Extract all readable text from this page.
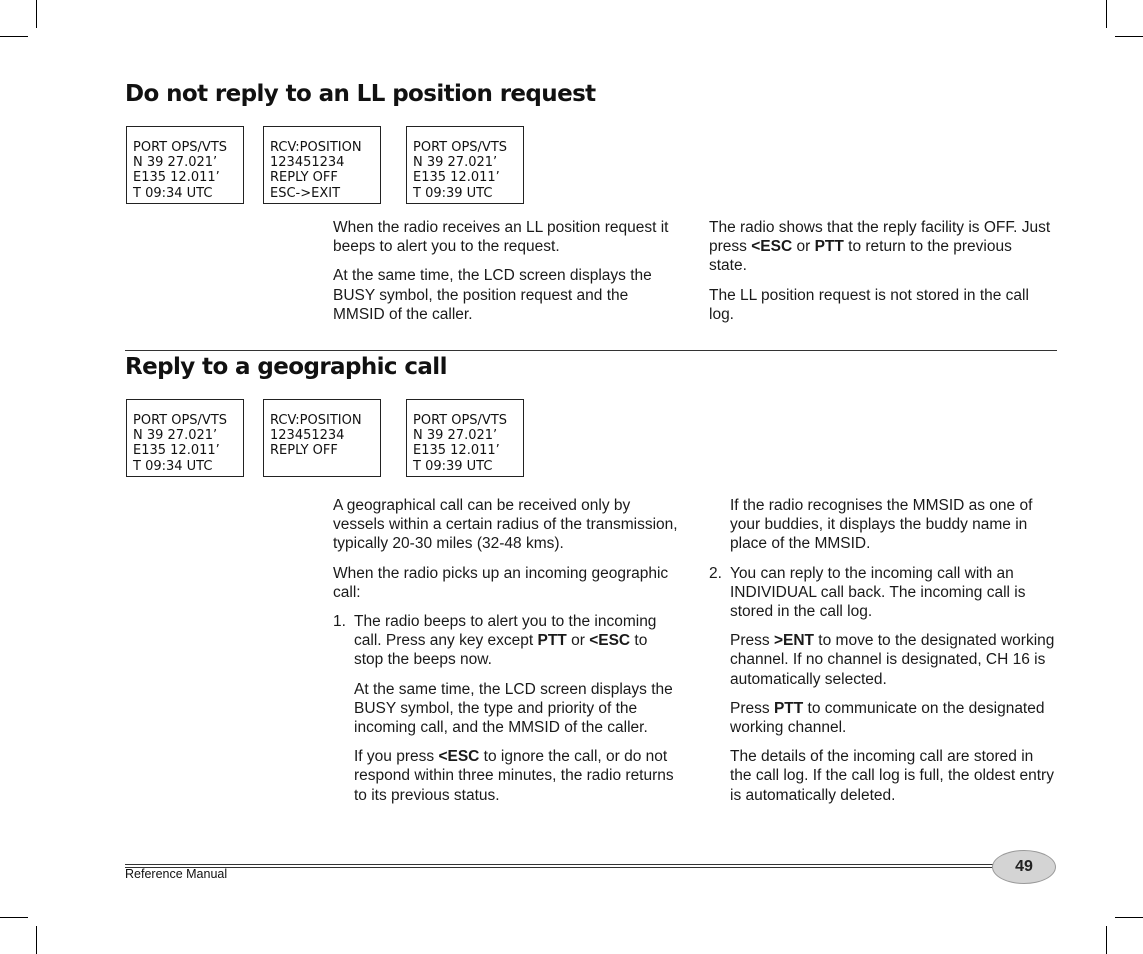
Do not reply to an LL position request
PORT OPS/VTS
N 39 27.021’
E135 12.011’
T 09:34 UTC
RCV:POSITION
123451234
REPLY OFF
ESC->EXIT
PORT OPS/VTS
N 39 27.021’
E135 12.011’
T 09:39 UTC

When the radio receives an LL position request it beeps to alert you to the request.

At the same time, the LCD screen displays the BUSY symbol, the position request and the MMSID of the caller.

The radio shows that the reply facility is OFF. Just press <ESC or PTT to return to the previous state.

The LL position request is not stored in the call log.

Reply to a geographic call
PORT OPS/VTS
N 39 27.021’
E135 12.011’
T 09:34 UTC
RCV:POSITION
123451234
REPLY OFF
PORT OPS/VTS
N 39 27.021’
E135 12.011’
T 09:39 UTC

A geographical call can be received only by vessels within a certain radius of the transmission, typically 20-30 miles (32-48 kms).

When the radio picks up an incoming geographic call:

1. The radio beeps to alert you to the incoming call. Press any key except PTT or <ESC to stop the beeps now.

At the same time, the LCD screen displays the BUSY symbol, the type and priority of the incoming call, and the MMSID of the caller.

If you press <ESC to ignore the call, or do not respond within three minutes, the radio returns to its previous status.

If the radio recognises the MMSID as one of your buddies, it displays the buddy name in place of the MMSID.

2. You can reply to the incoming call with an INDIVIDUAL call back. The incoming call is stored in the call log.

Press >ENT to move to the designated working channel. If no channel is designated, CH 16 is automatically selected.

Press PTT to communicate on the designated working channel.

The details of the incoming call are stored in the call log. If the call log is full, the oldest entry is automatically deleted.

Reference Manual	49
